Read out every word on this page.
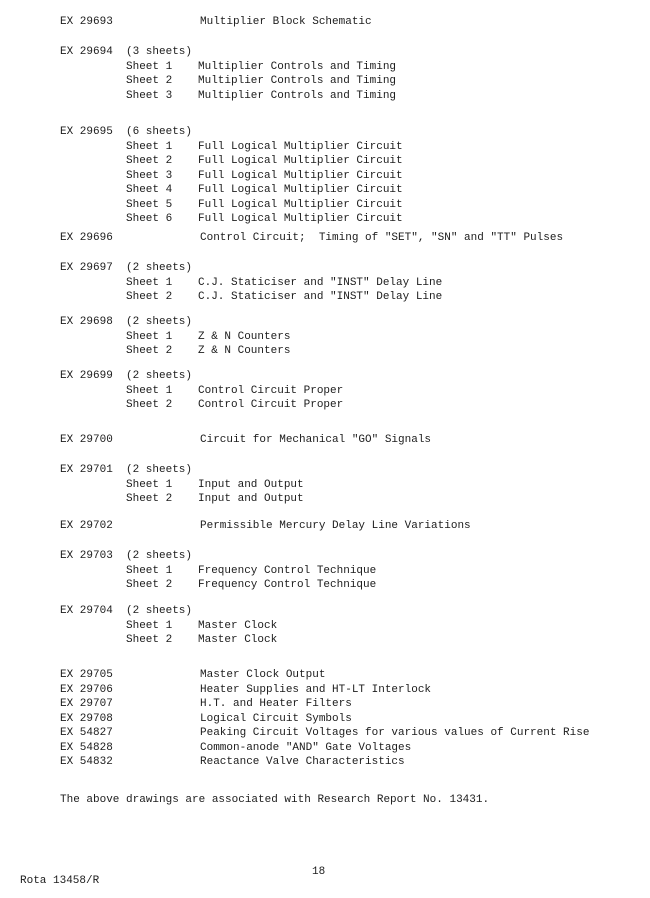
EX 29693	Multiplier Block Schematic
EX 29694 (3 sheets)
Sheet 1 Multiplier Controls and Timing
Sheet 2 Multiplier Controls and Timing
Sheet 3 Multiplier Controls and Timing
EX 29695 (6 sheets)
Sheet 1 Full Logical Multiplier Circuit
Sheet 2 Full Logical Multiplier Circuit
Sheet 3 Full Logical Multiplier Circuit
Sheet 4 Full Logical Multiplier Circuit
Sheet 5 Full Logical Multiplier Circuit
Sheet 6 Full Logical Multiplier Circuit
EX 29696	Control Circuit;  Timing of "SET", "SN" and "TT" Pulses
EX 29697 (2 sheets)
Sheet 1 C.J. Staticiser and "INST" Delay Line
Sheet 2 C.J. Staticiser and "INST" Delay Line
EX 29698 (2 sheets)
Sheet 1 Z & N Counters
Sheet 2 Z & N Counters
EX 29699 (2 sheets)
Sheet 1 Control Circuit Proper
Sheet 2 Control Circuit Proper
EX 29700	Circuit for Mechanical "GO" Signals
EX 29701 (2 sheets)
Sheet 1 Input and Output
Sheet 2 Input and Output
EX 29702	Permissible Mercury Delay Line Variations
EX 29703 (2 sheets)
Sheet 1 Frequency Control Technique
Sheet 2 Frequency Control Technique
EX 29704 (2 sheets)
Sheet 1 Master Clock
Sheet 2 Master Clock
EX 29705	Master Clock Output
EX 29706	Heater Supplies and HT-LT Interlock
EX 29707	H.T. and Heater Filters
EX 29708	Logical Circuit Symbols
EX 54827	Peaking Circuit Voltages for various values of Current Rise
EX 54828	Common-anode "AND" Gate Voltages
EX 54832	Reactance Valve Characteristics
The above drawings are associated with Research Report No. 13431.
Rota 13458/R
18
